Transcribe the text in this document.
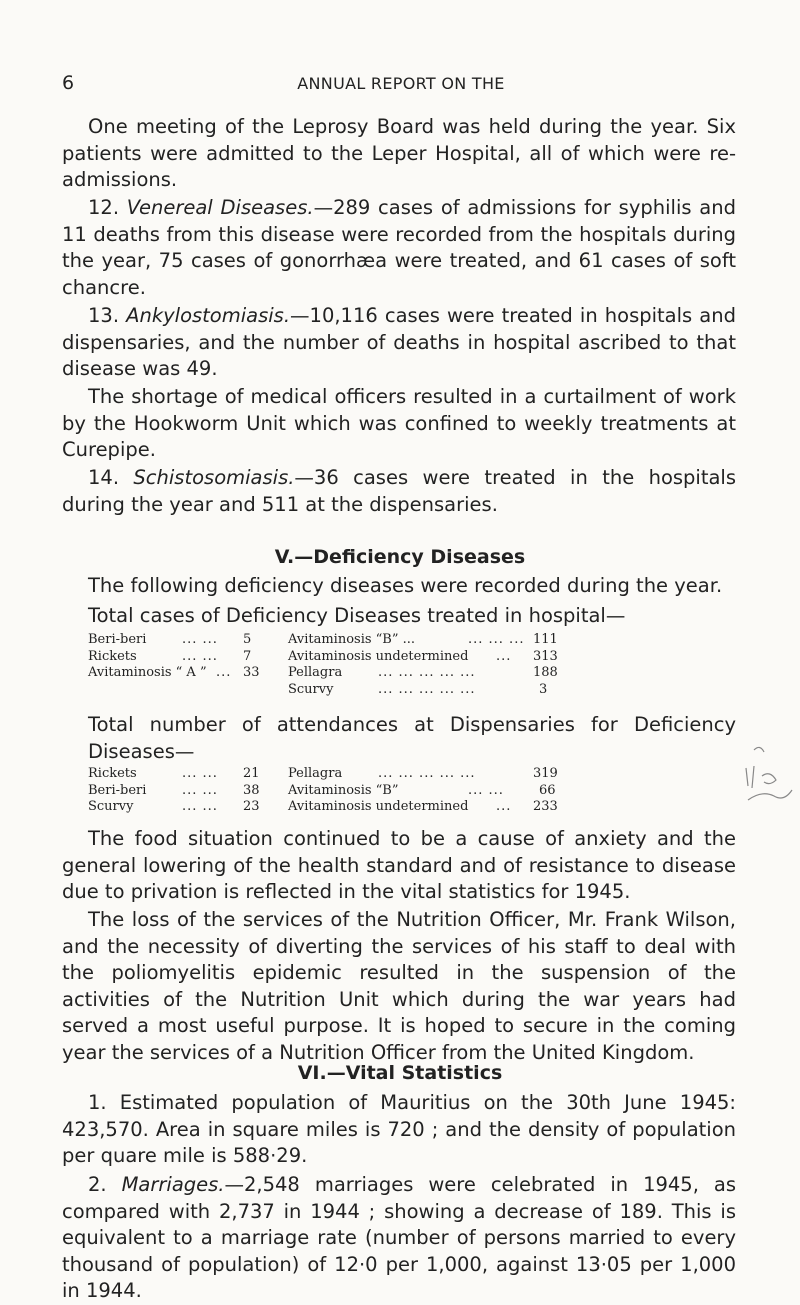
6	ANNUAL REPORT ON THE

One meeting of the Leprosy Board was held during the year. Six patients were admitted to the Leper Hospital, all of which were re-admissions.

12. Venereal Diseases.—289 cases of admissions for syphilis and 11 deaths from this disease were recorded from the hospitals during the year, 75 cases of gonorrhæa were treated, and 61 cases of soft chancre.

13. Ankylostomiasis.—10,116 cases were treated in hospitals and dispensaries, and the number of deaths in hospital ascribed to that disease was 49.

The shortage of medical officers resulted in a curtailment of work by the Hookworm Unit which was confined to weekly treatments at Curepipe.

14. Schistosomiasis.—36 cases were treated in the hospitals during the year and 511 at the dispensaries.

V.—Deficiency Diseases
The following deficiency diseases were recorded during the year.
Total cases of Deficiency Diseases treated in hospital—
Beri-beri	... ... 5	Avitaminosis “B” ...	... ... ... 111
Rickets	... ... 7	Avitaminosis undetermined ... 313
Avitaminosis “ A ” ... 33 Pellagra	... ... ... ... ...	188
Scurvy	... ... ... ... ...	3

Total number of attendances at Dispensaries for Deficiency Diseases—

Rickets	... ... 21 Pellagra	... ... ... ... ...	319
Beri-beri	... ... 38 Avitaminosis “B”	... ...	66
Scurvy	... ... 23 Avitaminosis undetermined ... 233

The food situation continued to be a cause of anxiety and the general lowering of the health standard and of resistance to disease due to privation is reflected in the vital statistics for 1945.

The loss of the services of the Nutrition Officer, Mr. Frank Wilson, and the necessity of diverting the services of his staff to deal with the poliomyelitis epidemic resulted in the suspension of the activities of the Nutrition Unit which during the war years had served a most useful purpose. It is hoped to secure in the coming year the services of a Nutrition Officer from the United Kingdom.

VI.—Vital Statistics

1. Estimated population of Mauritius on the 30th June 1945: 423,570. Area in square miles is 720 ; and the density of population per quare mile is 588·29.

2. Marriages.—2,548 marriages were celebrated in 1945, as compared with 2,737 in 1944 ; showing a decrease of 189. This is equivalent to a marriage rate (number of persons married to every thousand of population) of 12·0 per 1,000, against 13·05 per 1,000 in 1944.
